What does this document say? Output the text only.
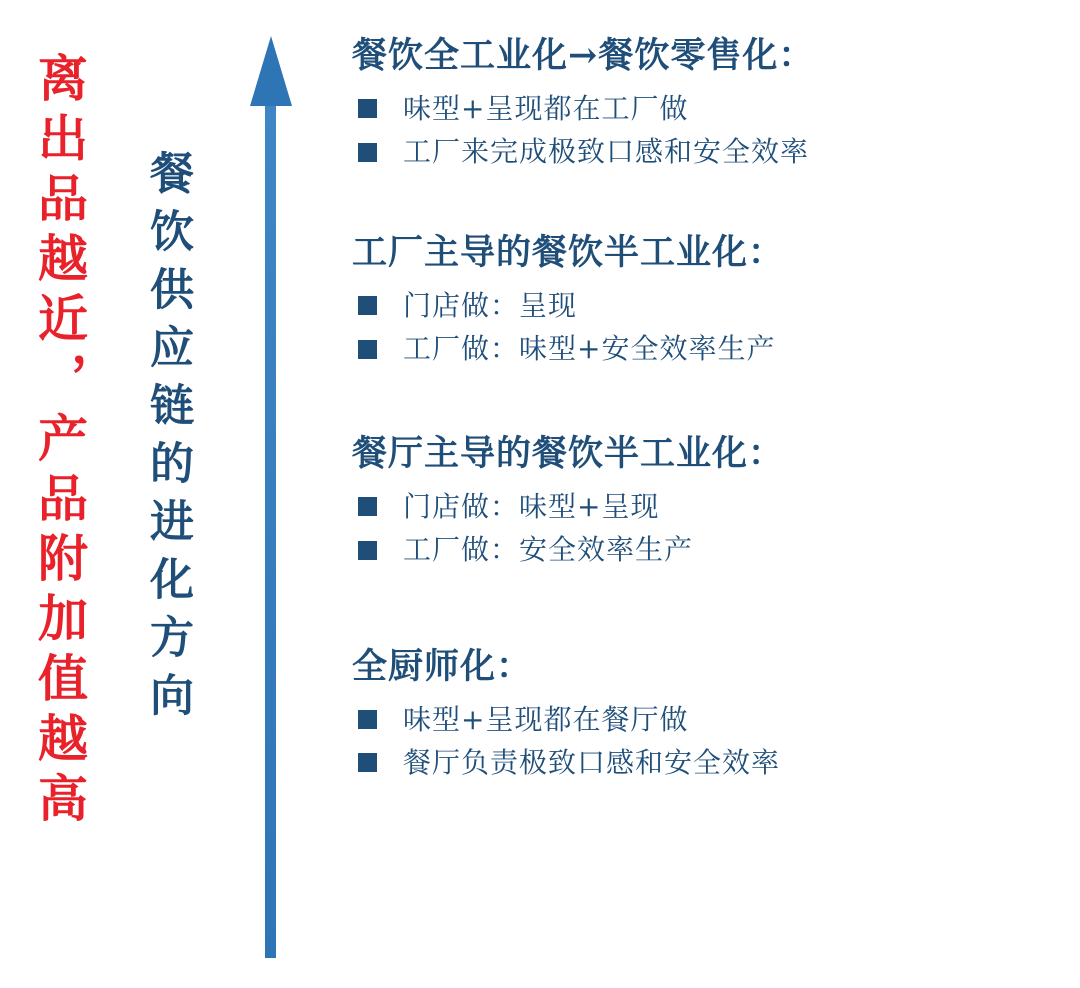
离出品越近，产品附加值越高 餐饮供应链的进化方向
餐饮全工业化→餐饮零售化：
味型+呈现都在工厂做
工厂来完成极致口感和安全效率
工厂主导的餐饮半工业化：
门店做：呈现
工厂做：味型+安全效率生产
餐厅主导的餐饮半工业化：
门店做：味型+呈现
工厂做：安全效率生产
全厨师化：
味型+呈现都在餐厅做
餐厅负责极致口感和安全效率
